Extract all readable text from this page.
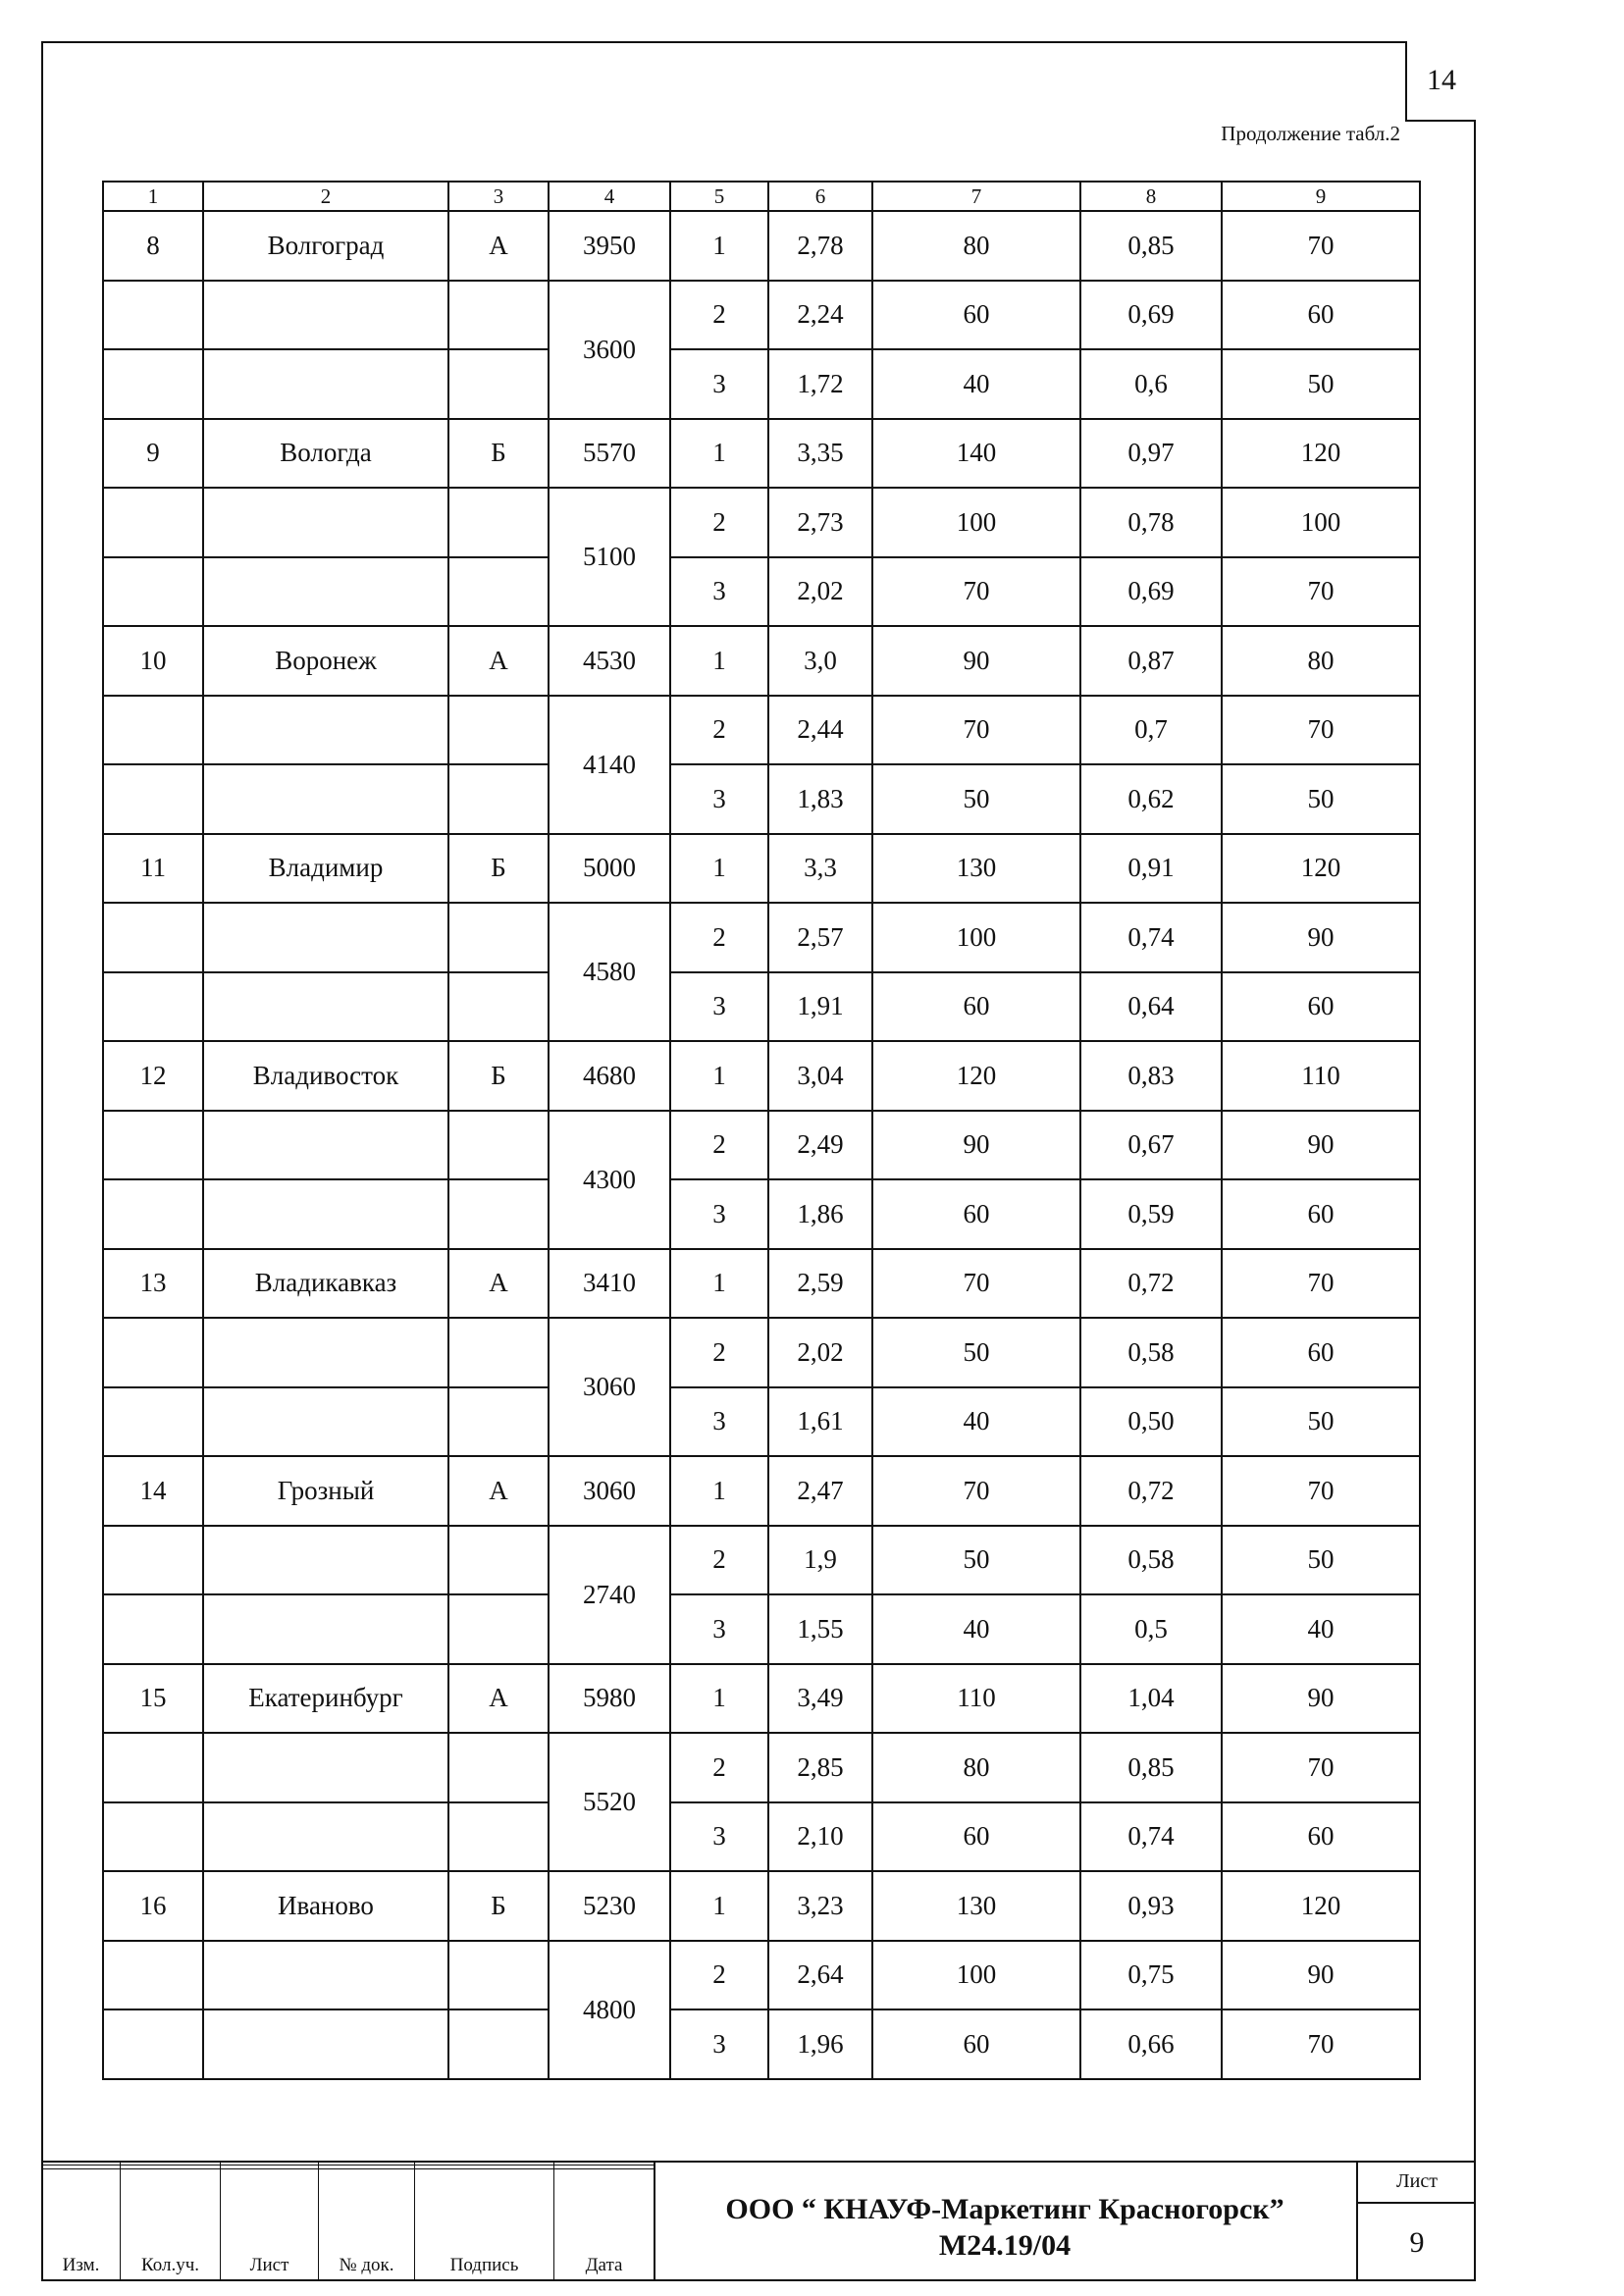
14
Продолжение табл.2
1	2	3	4	5	6	7	8	9
8	Волгоград	А	3950	1	2,78	80	0,85	70
			3600	2	2,24	60	0,69	60
				3	1,72	40	0,6	50
9	Вологда	Б	5570	1	3,35	140	0,97	120
			5100	2	2,73	100	0,78	100
				3	2,02	70	0,69	70
10	Воронеж	А	4530	1	3,0	90	0,87	80
			4140	2	2,44	70	0,7	70
				3	1,83	50	0,62	50
11	Владимир	Б	5000	1	3,3	130	0,91	120
			4580	2	2,57	100	0,74	90
				3	1,91	60	0,64	60
12	Владивосток	Б	4680	1	3,04	120	0,83	110
			4300	2	2,49	90	0,67	90
				3	1,86	60	0,59	60
13	Владикавказ	А	3410	1	2,59	70	0,72	70
			3060	2	2,02	50	0,58	60
				3	1,61	40	0,50	50
14	Грозный	А	3060	1	2,47	70	0,72	70
			2740	2	1,9	50	0,58	50
				3	1,55	40	0,5	40
15	Екатеринбург	А	5980	1	3,49	110	1,04	90
			5520	2	2,85	80	0,85	70
				3	2,10	60	0,74	60
16	Иваново	Б	5230	1	3,23	130	0,93	120
			4800	2	2,64	100	0,75	90
				3	1,96	60	0,66	70

Изм.	Кол.уч.	Лист	№ док.	Подпись	Дата
ООО “ КНАУФ-Маркетинг Красногорск”
М24.19/04
Лист
9
